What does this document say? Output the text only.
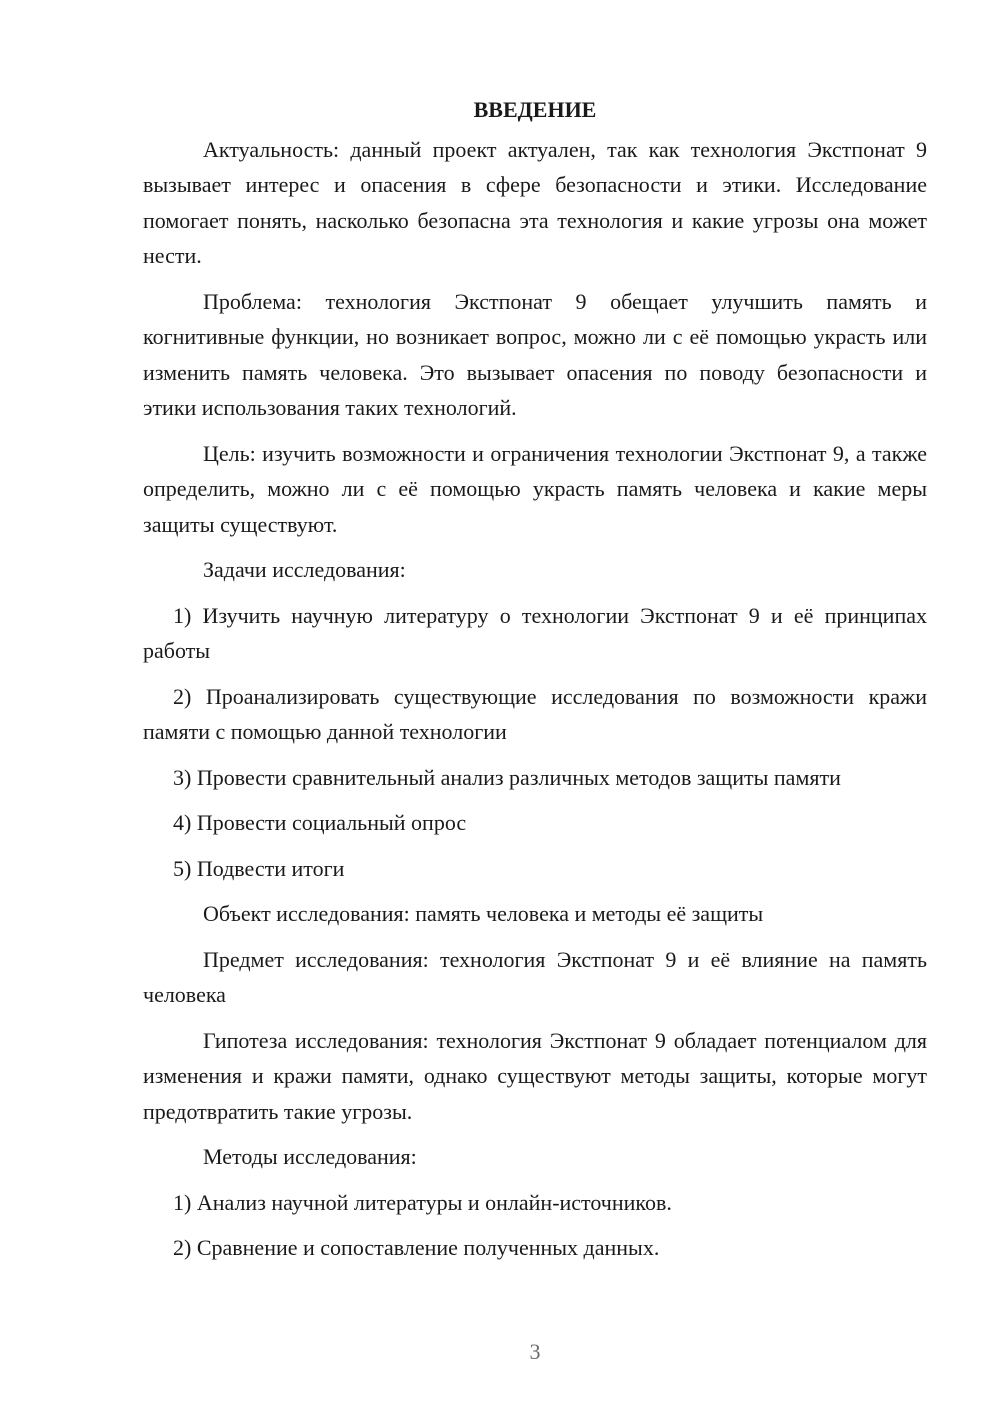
ВВЕДЕНИЕ

Актуальность: данный проект актуален, так как технология Экстпонат 9 вызывает интерес и опасения в сфере безопасности и этики. Исследование помогает понять, насколько безопасна эта технология и какие угрозы она может нести.

Проблема: технология Экстпонат 9 обещает улучшить память и когнитивные функции, но возникает вопрос, можно ли с её помощью украсть или изменить память человека. Это вызывает опасения по поводу безопасности и этики использования таких технологий.

Цель: изучить возможности и ограничения технологии Экстпонат 9, а также определить, можно ли с её помощью украсть память человека и какие меры защиты существуют.

Задачи исследования:

1) Изучить научную литературу о технологии Экстпонат 9 и её принципах работы

2) Проанализировать существующие исследования по возможности кражи памяти с помощью данной технологии

3) Провести сравнительный анализ различных методов защиты памяти

4) Провести социальный опрос

5) Подвести итоги

Объект исследования: память человека и методы её защиты

Предмет исследования: технология Экстпонат 9 и её влияние на память человека

Гипотеза исследования: технология Экстпонат 9 обладает потенциалом для изменения и кражи памяти, однако существуют методы защиты, которые могут предотвратить такие угрозы.

Методы исследования:

1) Анализ научной литературы и онлайн-источников.

2) Сравнение и сопоставление полученных данных.

3
